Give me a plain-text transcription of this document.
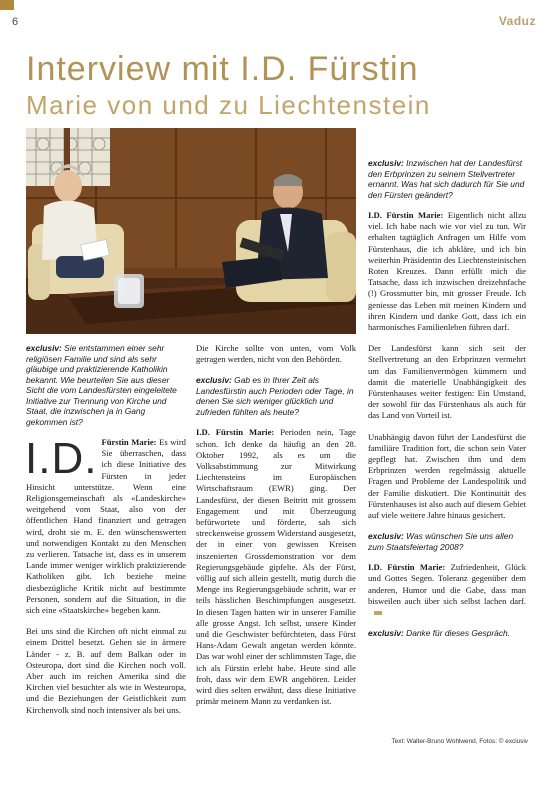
6	Vaduz
Interview mit I.D. Fürstin
Marie von und zu Liechtenstein

exclusiv: Sie entstammen einer sehr religiösen Familie und sind als sehr gläubige und praktizierende Katholikin bekannt. Wie beurteilen Sie aus dieser Sicht die vom Landesfürsten eingeleitete Initiative zur Trennung von Kirche und Staat, die inzwischen ja in Gang gekommen ist?

I.D. Fürstin Marie: Es wird Sie überraschen, dass ich diese Initiative des Fürsten in jeder Hinsicht unterstütze. Wenn eine Religionsgemeinschaft als «Landeskirche» weitgehend vom Staat, also von der öffentlichen Hand finanziert und getragen wird, droht sie m. E. den wünschenswerten und notwendigen Kontakt zu den Menschen zu verlieren. Tatsache ist, dass es in unserem Lande immer weniger wirklich praktizierende Katholiken gibt. Ich beziehe meine diesbezügliche Kritik nicht auf bestimmte Personen, sondern auf die Situation, in die sich eine «Staatskirche» begeben kann.

Bei uns sind die Kirchen oft nicht einmal zu einem Drittel besetzt. Gehen sie in ärmere Länder - z. B. auf dem Balkan oder in Osteuropa, dort sind die Kirchen noch voll. Aber auch im reichen Amerika sind die Kirchen viel besuchter als wie in Westeuropa, und die Beziehungen der Geistlichkeit zum Kirchenvolk sind noch intensiver als bei uns.

Die Kirche sollte von unten, vom Volk getragen werden, nicht von den Behörden.

exclusiv: Gab es in Ihrer Zeit als Landesfürstin auch Perioden oder Tage, in denen Sie sich weniger glücklich und zufrieden fühlten als heute?

I.D. Fürstin Marie: Perioden nein, Tage schon. Ich denke da häufig an den 28. Oktober 1992, als es um die Volksabstimmung zur Mitwirkung Liechtensteins im Europäischen Wirtschaftsraum (EWR) ging. Der Landesfürst, der diesen Beitritt mit grossem Engagement und mit Überzeugung befürwortete und förderte, sah sich streckenweise grossem Widerstand ausgesetzt, der in einer von gewissen Kreisen inszenierten Grossdemonstration vor dem Regierungsgebäude gipfelte. Als der Fürst, völlig auf sich allein gestellt, mutig durch die Menge ins Regierungsgebäude schritt, war er teils hässlichen Beschimpfungen ausgesetzt. In diesen Tagen hatten wir in unserer Familie alle grosse Angst. Ich selbst, unsere Kinder und die Geschwister befürchteten, dass Fürst Hans-Adam Gewalt angetan werden könnte. Das war wohl einer der schlimmsten Tage, die ich als Fürstin erlebt habe. Heute sind alle froh, dass wir dem EWR angehören. Leider wird dies selten erwähnt, dass diese Initiative primär meinem Mann zu verdanken ist.

exclusiv: Inzwischen hat der Landesfürst den Erbprinzen zu seinem Stellvertreter ernannt. Was hat sich dadurch für Sie und den Fürsten geändert?

I.D. Fürstin Marie: Eigentlich nicht allzu viel. Ich habe nach wie vor viel zu tun. Wir erhalten tagtäglich Anfragen um Hilfe vom Fürstenhaus, die ich abkläre, und ich bin weiterhin Präsidentin des Liechtensteinischen Roten Kreuzes. Dann erfüllt mich die Tatsache, dass ich inzwischen dreizehnfache (!) Grossmutter bin, mit grosser Freude. Ich geniesse das Leben mit meinen Kindern und ihren Kindern und danke Gott, dass ich ein harmonisches Familienleben führen darf.

Der Landesfürst kann sich seit der Stellvertretung an den Erbprinzen vermehrt um das Familienvermögen kümmern und damit die materielle Unabhängigkeit des Fürstenhauses weiter festigen: Ein Umstand, der sowohl für das Fürstenhaus als auch für das Land von Vorteil ist.

Unabhängig davon führt der Landesfürst die familiäre Tradition fort, die schon sein Vater gepflegt hat. Zwischen ihm und dem Erbprinzen werden regelmässig aktuelle Fragen und Probleme der Landespolitik und der Familie diskutiert. Die Kontinuität des Fürstenhauses ist also auch auf diesem Gebiet auf viele weitere Jahre hinaus gesichert.

exclusiv: Was wünschen Sie uns allen zum Staatsfeiertag 2008?

I.D. Fürstin Marie: Zufriedenheit, Glück und Gottes Segen. Toleranz gegenüber dem anderen, Humor und die Gabe, dass man bisweilen auch über sich selbst lachen darf.

exclusiv: Danke für dieses Gespräch.

Text: Walter-Bruno Wohlwend, Fotos: © exclusiv
